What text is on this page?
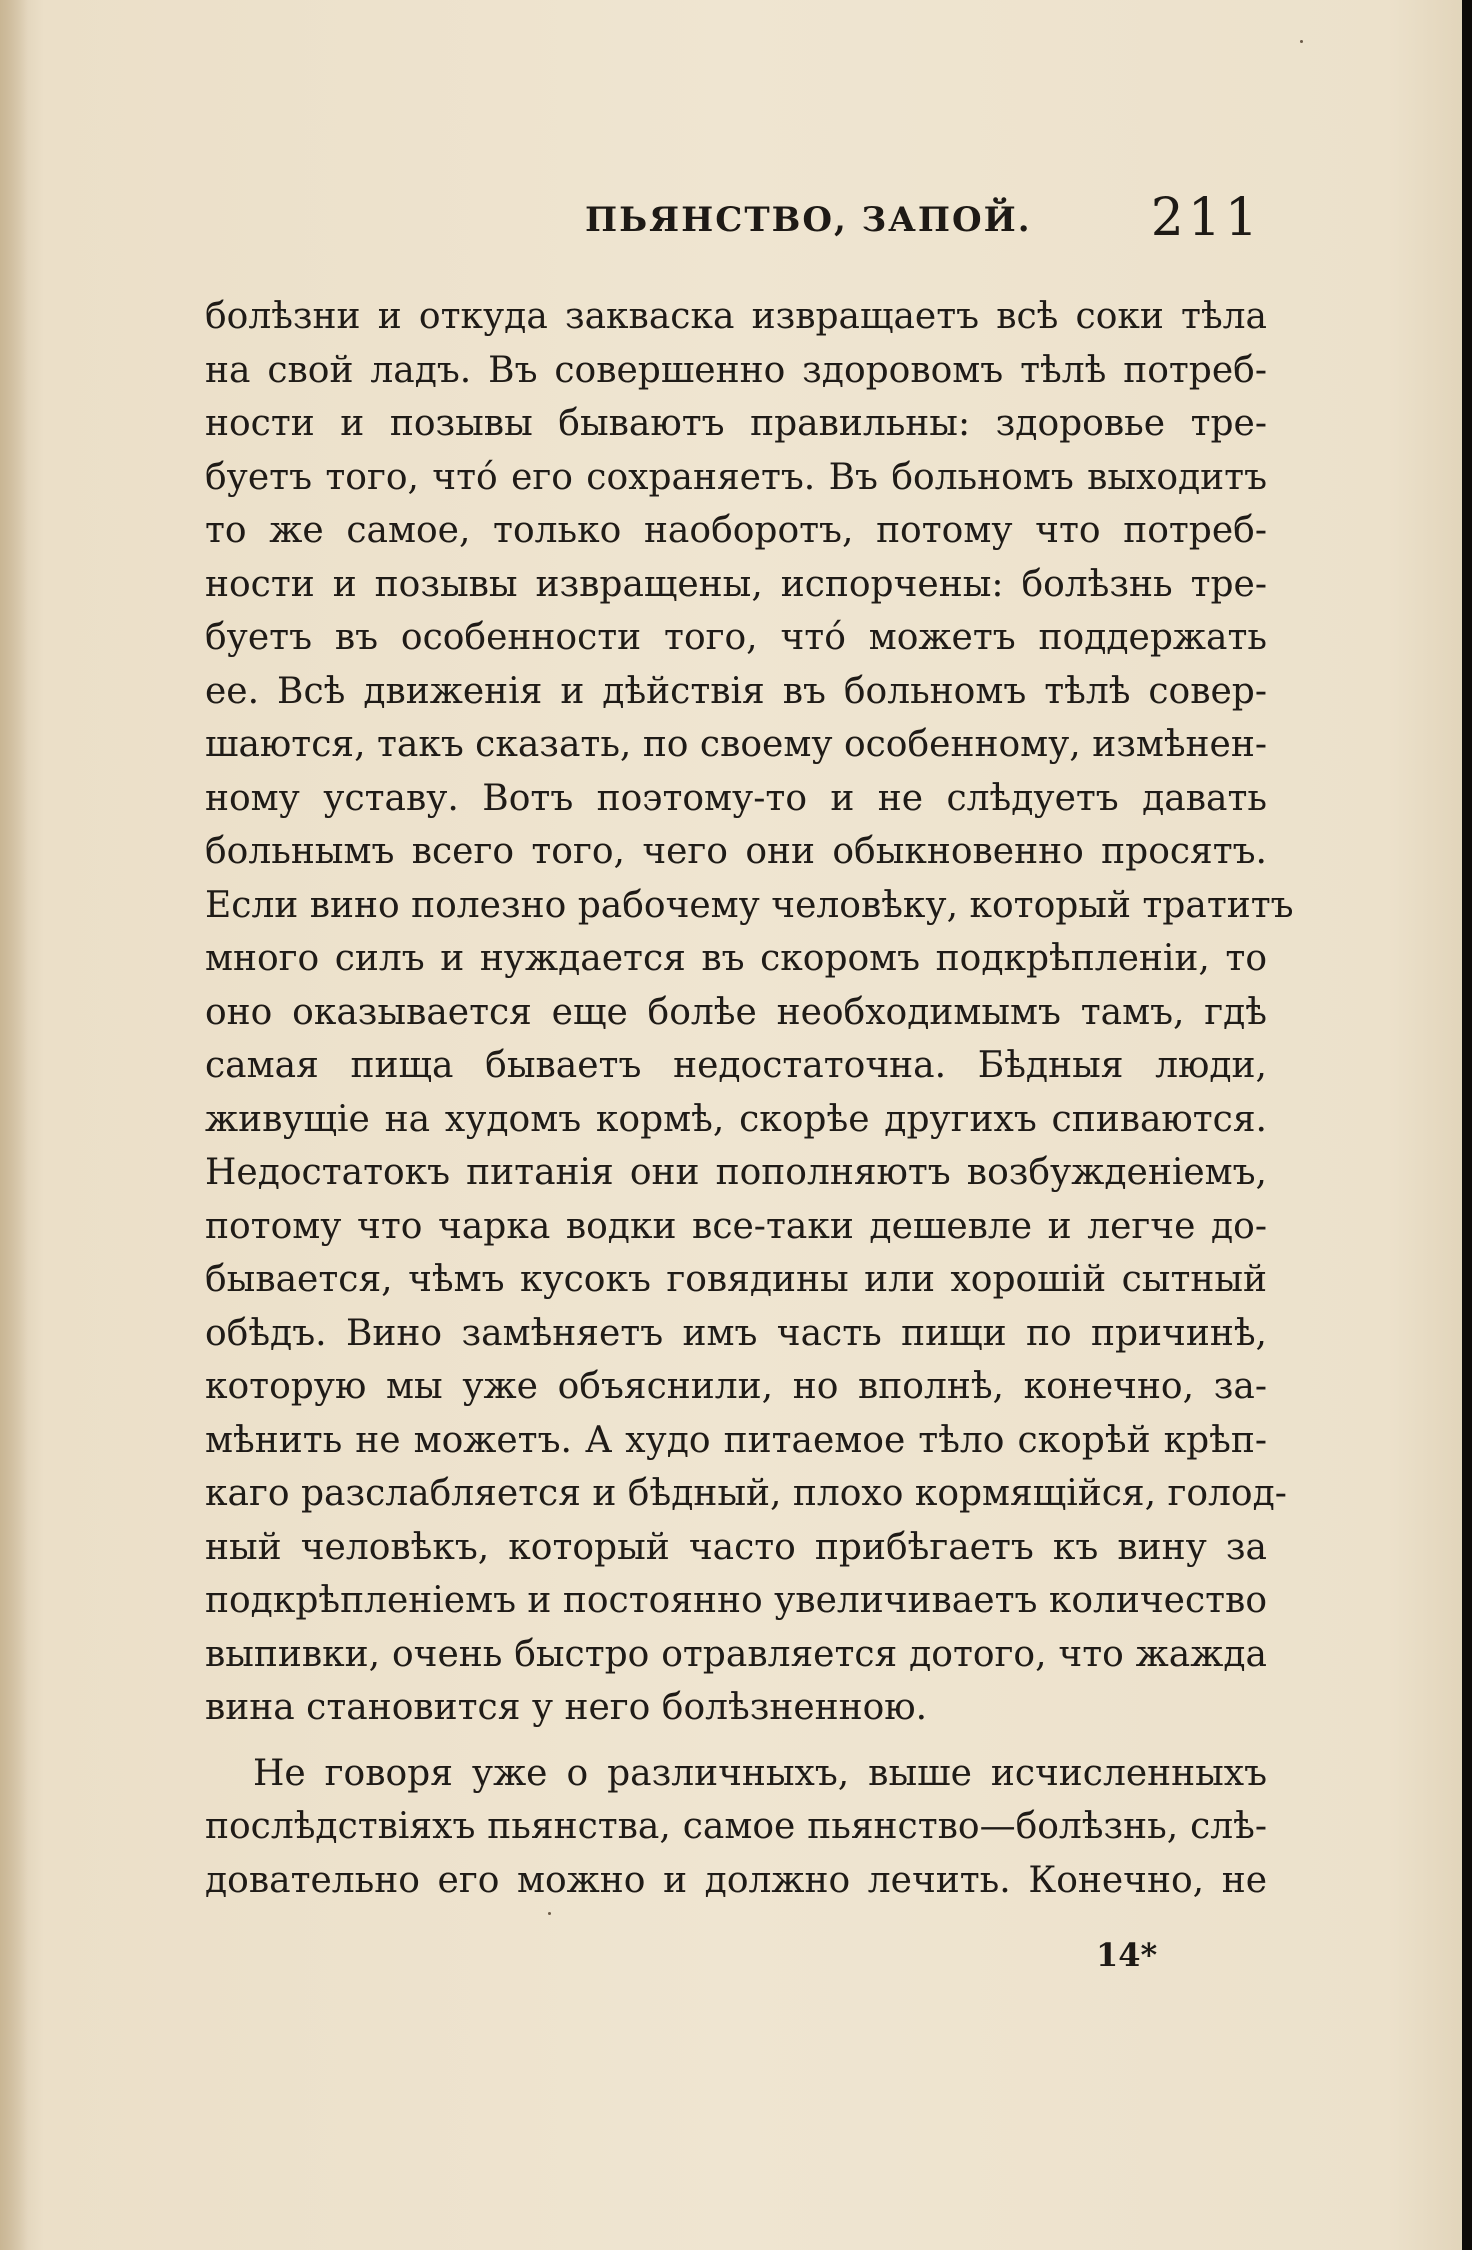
ПЬЯНСТВО, ЗАПОЙ. 211
болѣзни и откуда закваска извращаетъ всѣ соки тѣла
на свой ладъ. Въ совершенно здоровомъ тѣлѣ потреб-
ности и позывы бываютъ правильны: здоровье тре-
буетъ того, чтó его сохраняетъ. Въ больномъ выходитъ
то же самое, только наоборотъ, потому что потреб-
ности и позывы извращены, испорчены: болѣзнь тре-
буетъ въ особенности того, чтó можетъ поддержать
ее. Всѣ движенія и дѣйствія въ больномъ тѣлѣ совер-
шаются, такъ сказать, по своему особенному, измѣнен-
ному уставу. Вотъ поэтому-то и не слѣдуетъ давать
больнымъ всего того, чего они обыкновенно просятъ.
Если вино полезно рабочему человѣку, который тратитъ
много силъ и нуждается въ скоромъ подкрѣпленіи, то
оно оказывается еще болѣе необходимымъ тамъ, гдѣ
самая пища бываетъ недостаточна. Бѣдныя люди,
живущіе на худомъ кормѣ, скорѣе другихъ спиваются.
Недостатокъ питанія они пополняютъ возбужденіемъ,
потому что чарка водки все-таки дешевле и легче до-
бывается, чѣмъ кусокъ говядины или хорошій сытный
обѣдъ. Вино замѣняетъ имъ часть пищи по причинѣ,
которую мы уже объяснили, но вполнѣ, конечно, за-
мѣнить не можетъ. А худо питаемое тѣло скорѣй крѣп-
каго разслабляется и бѣдный, плохо кормящійся, голод-
ный человѣкъ, который часто прибѣгаетъ къ вину за
подкрѣпленіемъ и постоянно увеличиваетъ количество
выпивки, очень быстро отравляется дотого, что жажда
вина становится у него болѣзненною.
Не говоря уже о различныхъ, выше исчисленныхъ
послѣдствіяхъ пьянства, самое пьянство—болѣзнь, слѣ-
довательно его можно и должно лечить. Конечно, не
14*
